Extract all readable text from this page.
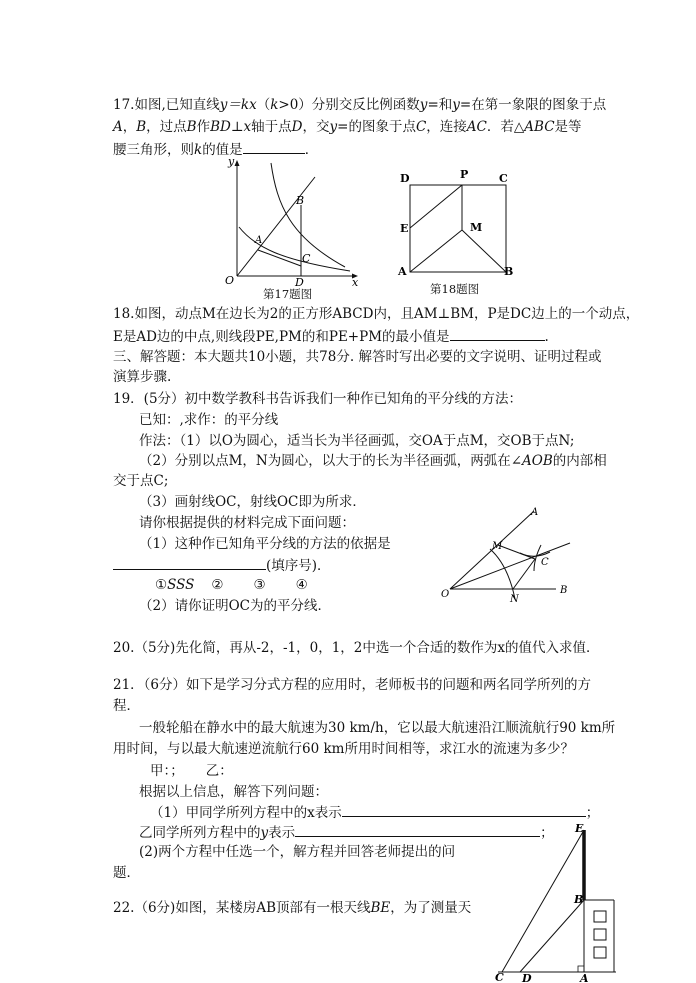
17.如图,已知直线y＝kx（k>0）分别交反比例函数y=和y=在第一象限的图象于点
A，B，过点B作BD⊥x轴于点D，交y=的图象于点C，连接AC．若△ABC是等
腰三角形，则k的值是	．
y
x
O
A
B
C
D
第17题图
D	P	C
E	M
A	B
第18题图
18.如图，动点M在边长为2的正方形ABCD内，且AM⊥BM，P是DC边上的一个动点，
E是AD边的中点,则线段PE,PM的和PE+PM的最小值是	.
三、解答题：本大题共10小题，共78分. 解答时写出必要的文字说明、证明过程或
演算步骤.
19．(5分）初中数学教科书告诉我们一种作已知角的平分线的方法：
已知：,求作：的平分线
作法：（1）以O为圆心，适当长为半径画弧，交OA于点M，交OB于点N;
（2）分别以点M，N为圆心，以大于的长为半径画弧，两弧在∠AOB的内部相
交于点C;
（3）画射线OC，射线OC即为所求．
请你根据提供的材料完成下面问题：
（1）这种作已知角平分线的方法的依据是
(填序号)．
①SSS ② ③ ④
（2）请你证明OC为的平分线．
A
M
C
O	N
B
20.（5分)先化简，再从-2，-1，0，1，2中选一个合适的数作为x的值代入求值．
21．（6分）如下是学习分式方程的应用时，老师板书的问题和两名同学所列的方
程．
一般轮船在静水中的最大航速为30 km/h，它以最大航速沿江顺流航行90 km所
用时间，与以最大航速逆流航行60 km所用时间相等，求江水的流速为多少？
甲：； 乙：
根据以上信息，解答下列问题：
（1）甲同学所列方程中的x表示	；
乙同学所列方程中的y表示	；
(2)两个方程中任选一个，解方程并回答老师提出的问
题．
22.（6分)如图，某楼房AB顶部有一根天线BE，为了测量天
E
B
C D	A
